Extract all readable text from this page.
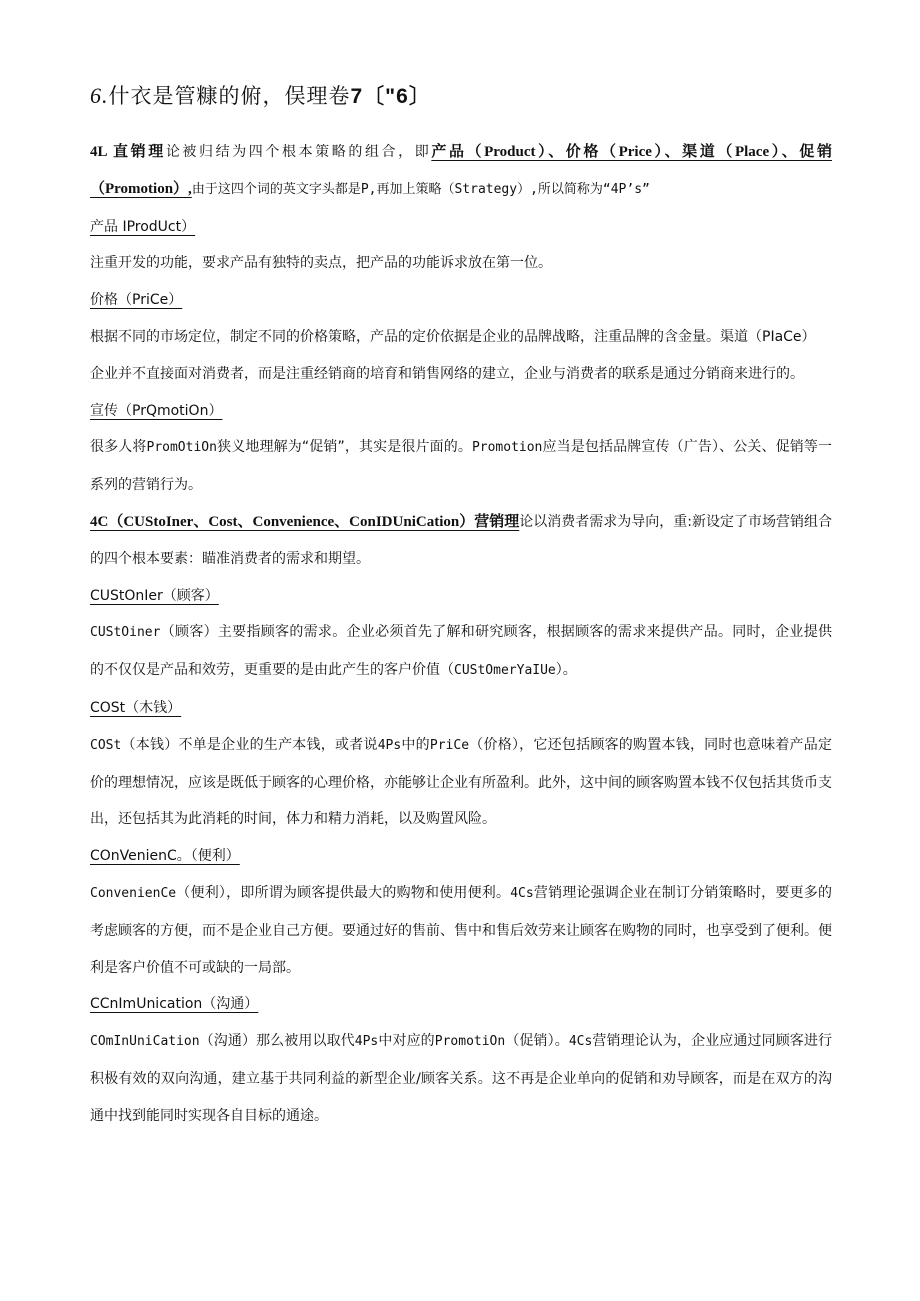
6.什衣是管糠的俯，俣理卷7〔"6〕

4L 直销理论被归结为四个根本策略的组合，即产品（Product）、价格（Price）、渠道（Place）、促销（Promotion）,由于这四个词的英文字头都是P,再加上策略（Strategy）,所以简称为“4P’s”

产品 IProdUct）

注重开发的功能，要求产品有独特的卖点，把产品的功能诉求放在第一位。

价格（PriCe）

根据不同的市场定位，制定不同的价格策略，产品的定价依据是企业的品牌战略，注重品牌的含金量。渠道（PIaCe）

企业并不直接面对消费者，而是注重经销商的培育和销售网络的建立，企业与消费者的联系是通过分销商来进行的。

宣传（PrQmotiOn）

很多人将PromOtiOn狭义地理解为“促销”，其实是很片面的。Promotion应当是包括品牌宣传（广告）、公关、促销等一系列的营销行为。

4C（CUStoIner、Cost、Convenience、ConIDUniCation）营销理论以消费者需求为导向，重:新设定了市场营销组合的四个根本要素：瞄准消费者的需求和期望。

CUStOnIer（顾客）

CUStOiner（顾客）主要指顾客的需求。企业必须首先了解和研究顾客，根据顾客的需求来提供产品。同时，企业提供的不仅仅是产品和效劳，更重要的是由此产生的客户价值（CUStOmerYaIUe）。

COSt（木钱）

COSt（本钱）不单是企业的生产本钱，或者说4Ps中的PriCe（价格），它还包括顾客的购置本钱，同时也意味着产品定价的理想情况，应该是既低于顾客的心理价格，亦能够让企业有所盈利。此外，这中间的顾客购置本钱不仅包括其货币支出，还包括其为此消耗的时间，体力和精力消耗，以及购置风险。

COnVenienC。（便利）

ConvenienCe（便利），即所谓为顾客提供最大的购物和使用便利。4Cs营销理论强调企业在制订分销策略时，要更多的考虑顾客的方便，而不是企业自己方便。要通过好的售前、售中和售后效劳来让顾客在购物的同时，也享受到了便利。便利是客户价值不可或缺的一局部。

CCnImUnication（沟通）

COmInUniCation（沟通）那么被用以取代4Ps中对应的PromotiOn（促销）。4Cs营销理论认为，企业应通过同顾客进行积极有效的双向沟通，建立基于共同利益的新型企业/顾客关系。这不再是企业单向的促销和劝导顾客，而是在双方的沟通中找到能同时实现各自目标的通途。
